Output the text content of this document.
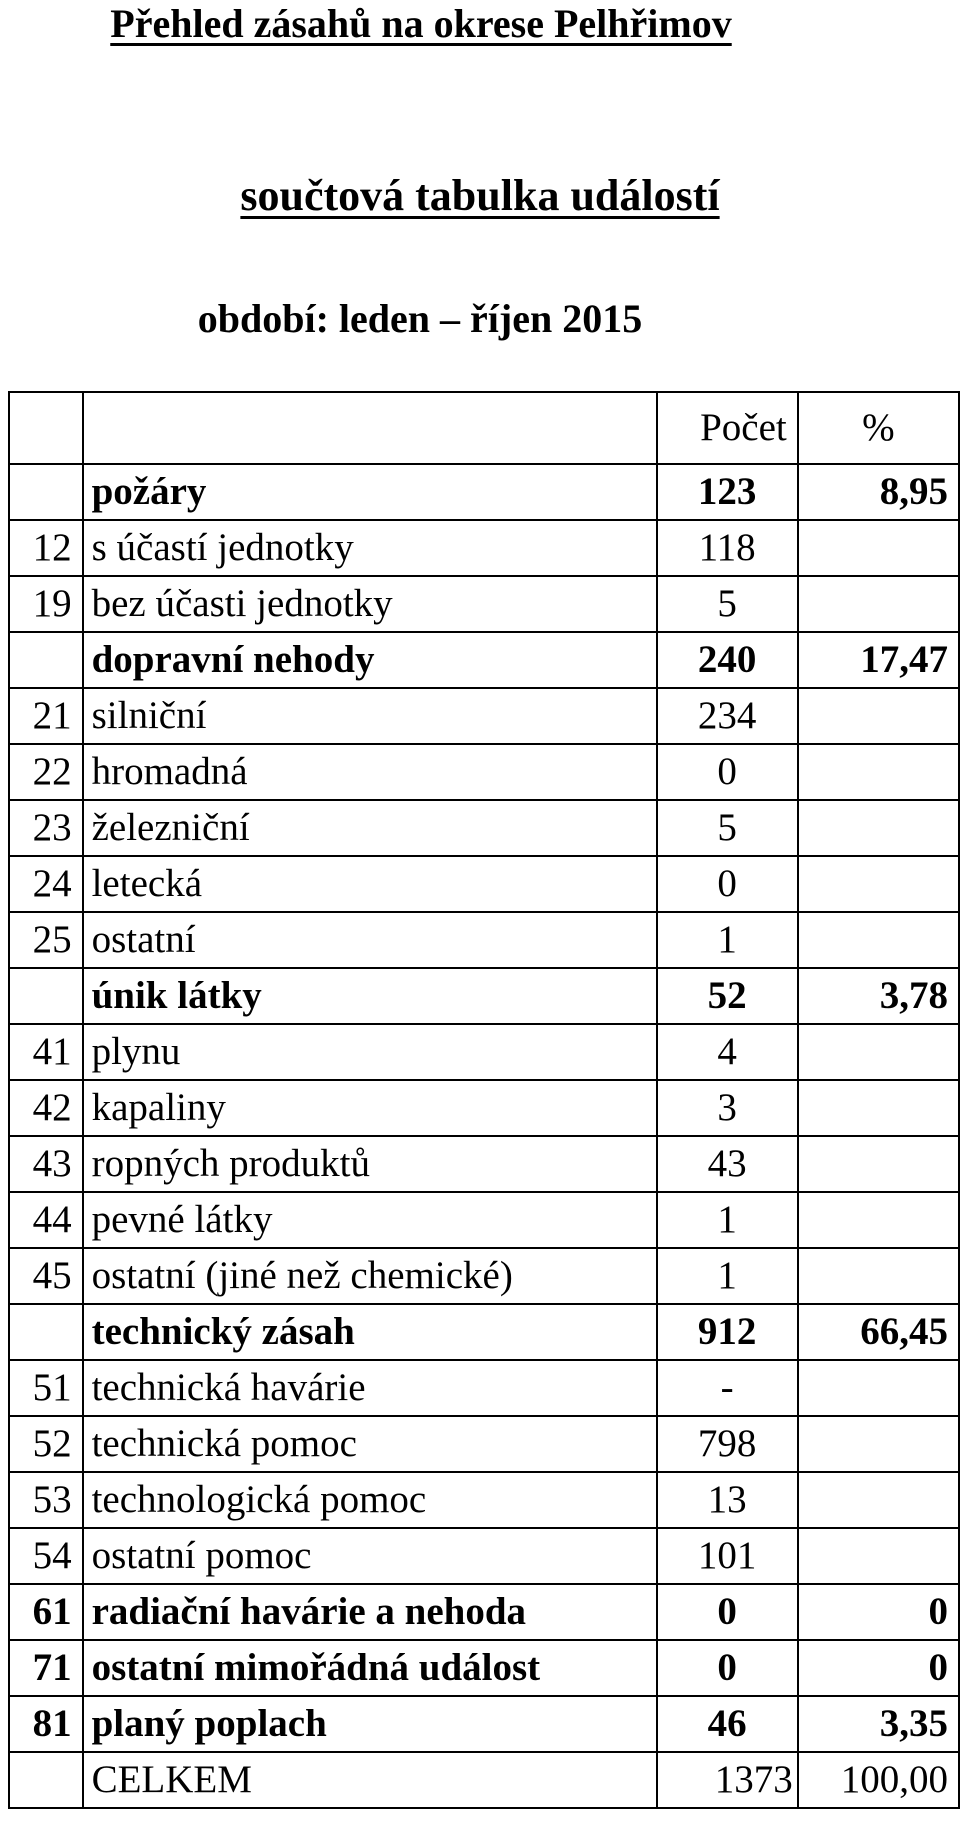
Přehled zásahů na okrese Pelhřimov
součtová tabulka událostí
období: leden – říjen 2015
		Počet	%
	požáry	123	8,95
12	s účastí jednotky	118	
19	bez účasti jednotky	5	
	dopravní nehody	240	17,47
21	silniční	234	
22	hromadná	0	
23	železniční	5	
24	letecká	0	
25	ostatní	1	
	únik látky	52	3,78
41	plynu	4	
42	kapaliny	3	
43	ropných produktů	43	
44	pevné látky	1	
45	ostatní (jiné než chemické)	1	
	technický zásah	912	66,45
51	technická havárie	-	
52	technická pomoc	798	
53	technologická pomoc	13	
54	ostatní pomoc	101	
61	radiační havárie a nehoda	0	0
71	ostatní mimořádná událost	0	0
81	planý poplach	46	3,35
	CELKEM	1373	100,00
